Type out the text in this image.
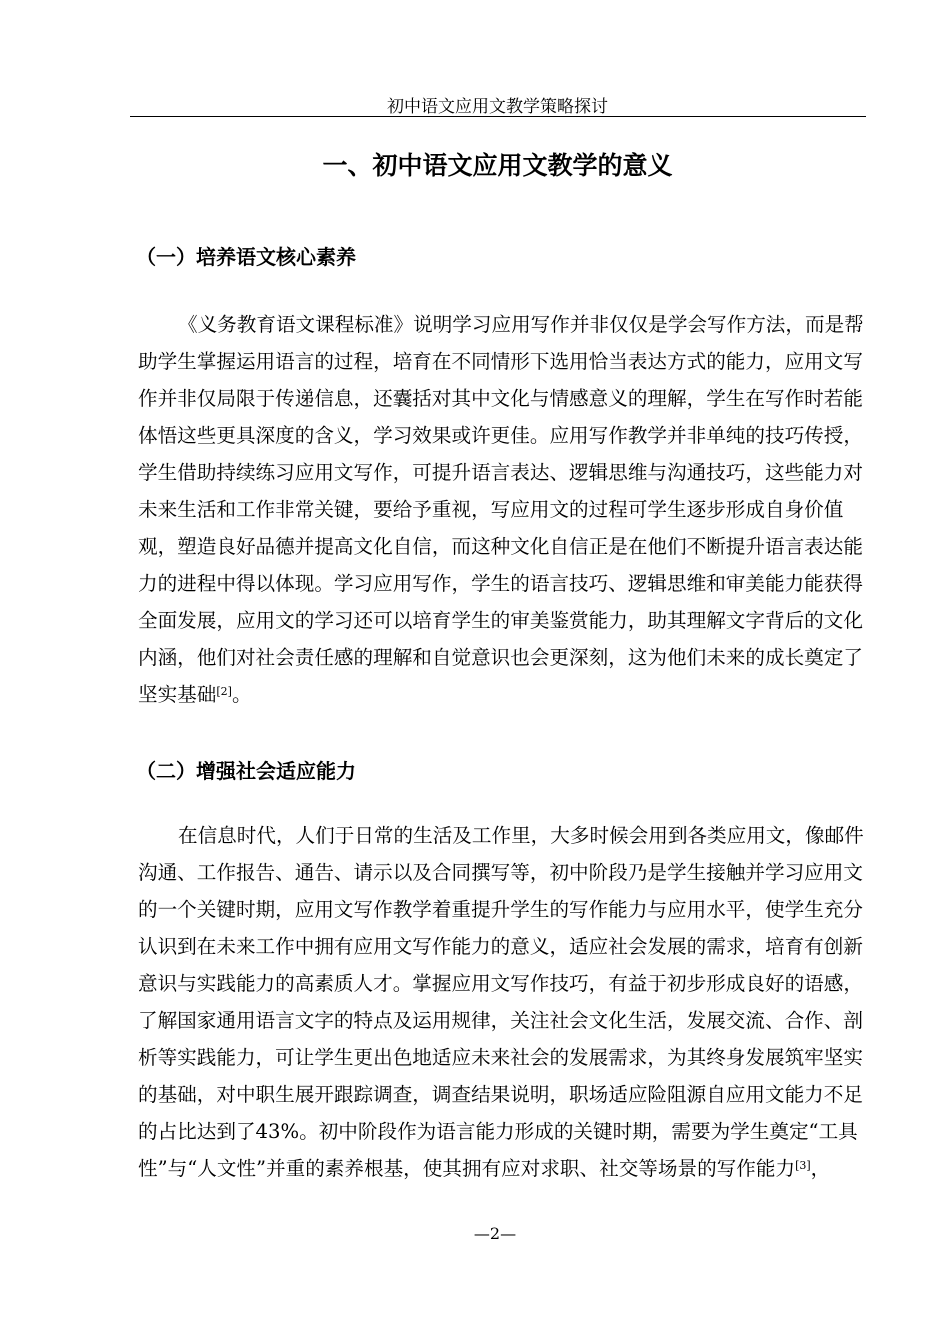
初中语文应用文教学策略探讨
一、初中语文应用文教学的意义
（一）培养语文核心素养
《义务教育语文课程标准》说明学习应用写作并非仅仅是学会写作方法，而是帮
助学生掌握运用语言的过程，培育在不同情形下选用恰当表达方式的能力，应用文写
作并非仅局限于传递信息，还囊括对其中文化与情感意义的理解，学生在写作时若能
体悟这些更具深度的含义，学习效果或许更佳。应用写作教学并非单纯的技巧传授，
学生借助持续练习应用文写作，可提升语言表达、逻辑思维与沟通技巧，这些能力对
未来生活和工作非常关键，要给予重视，写应用文的过程可学生逐步形成自身价值
观，塑造良好品德并提高文化自信，而这种文化自信正是在他们不断提升语言表达能
力的进程中得以体现。学习应用写作，学生的语言技巧、逻辑思维和审美能力能获得
全面发展，应用文的学习还可以培育学生的审美鉴赏能力，助其理解文字背后的文化
内涵，他们对社会责任感的理解和自觉意识也会更深刻，这为他们未来的成长奠定了
坚实基础[2]。
（二）增强社会适应能力
在信息时代，人们于日常的生活及工作里，大多时候会用到各类应用文，像邮件
沟通、工作报告、通告、请示以及合同撰写等，初中阶段乃是学生接触并学习应用文
的一个关键时期，应用文写作教学着重提升学生的写作能力与应用水平，使学生充分
认识到在未来工作中拥有应用文写作能力的意义，适应社会发展的需求，培育有创新
意识与实践能力的高素质人才。掌握应用文写作技巧，有益于初步形成良好的语感，
了解国家通用语言文字的特点及运用规律，关注社会文化生活，发展交流、合作、剖
析等实践能力，可让学生更出色地适应未来社会的发展需求，为其终身发展筑牢坚实
的基础，对中职生展开跟踪调查，调查结果说明，职场适应险阻源自应用文能力不足
的占比达到了43%。初中阶段作为语言能力形成的关键时期，需要为学生奠定“工具
性”与“人文性”并重的素养根基，使其拥有应对求职、社交等场景的写作能力[3]，
—2—
